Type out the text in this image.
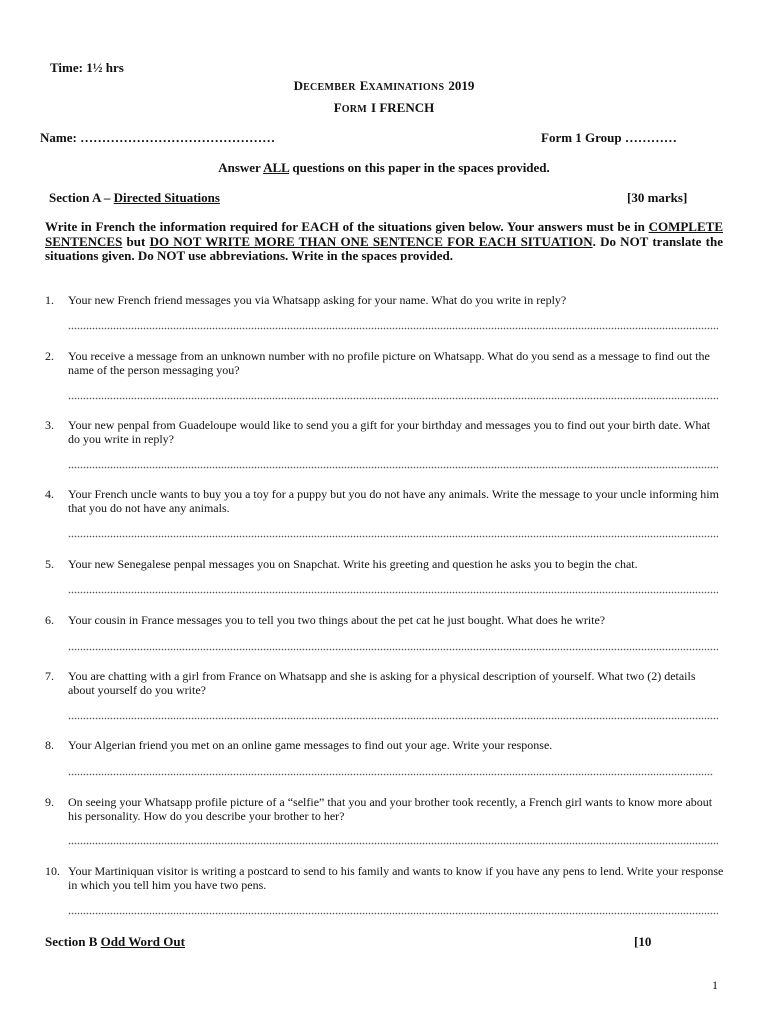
Time: 1½ hrs
DECEMBER EXAMINATIONS 2019
FORM I FRENCH
Name: ………………………………………	Form 1 Group …………
Answer ALL questions on this paper in the spaces provided.
Section A – Directed Situations	[30 marks]
Write in French the information required for EACH of the situations given below. Your answers must be in COMPLETE SENTENCES but DO NOT WRITE MORE THAN ONE SENTENCE FOR EACH SITUATION. Do NOT translate the situations given. Do NOT use abbreviations. Write in the spaces provided.
1.	Your new French friend messages you via Whatsapp asking for your name. What do you write in reply?
2.	You receive a message from an unknown number with no profile picture on Whatsapp. What do you send as a message to find out the name of the person messaging you?
3.	Your new penpal from Guadeloupe would like to send you a gift for your birthday and messages you to find out your birth date. What do you write in reply?
4.	Your French uncle wants to buy you a toy for a puppy but you do not have any animals. Write the message to your uncle informing him that you do not have any animals.
5.	Your new Senegalese penpal messages you on Snapchat. Write his greeting and question he asks you to begin the chat.
6.	Your cousin in France messages you to tell you two things about the pet cat he just bought. What does he write?
7.	You are chatting with a girl from France on Whatsapp and she is asking for a physical description of yourself. What two (2) details about yourself do you write?
8.	Your Algerian friend you met on an online game messages to find out your age. Write your response.
9.	On seeing your Whatsapp profile picture of a “selfie” that you and your brother took recently, a French girl wants to know more about his personality. How do you describe your brother to her?
10. Your Martiniquan visitor is writing a postcard to send to his family and wants to know if you have any pens to lend. Write your response in which you tell him you have two pens.
Section B Odd Word Out	[10
1
